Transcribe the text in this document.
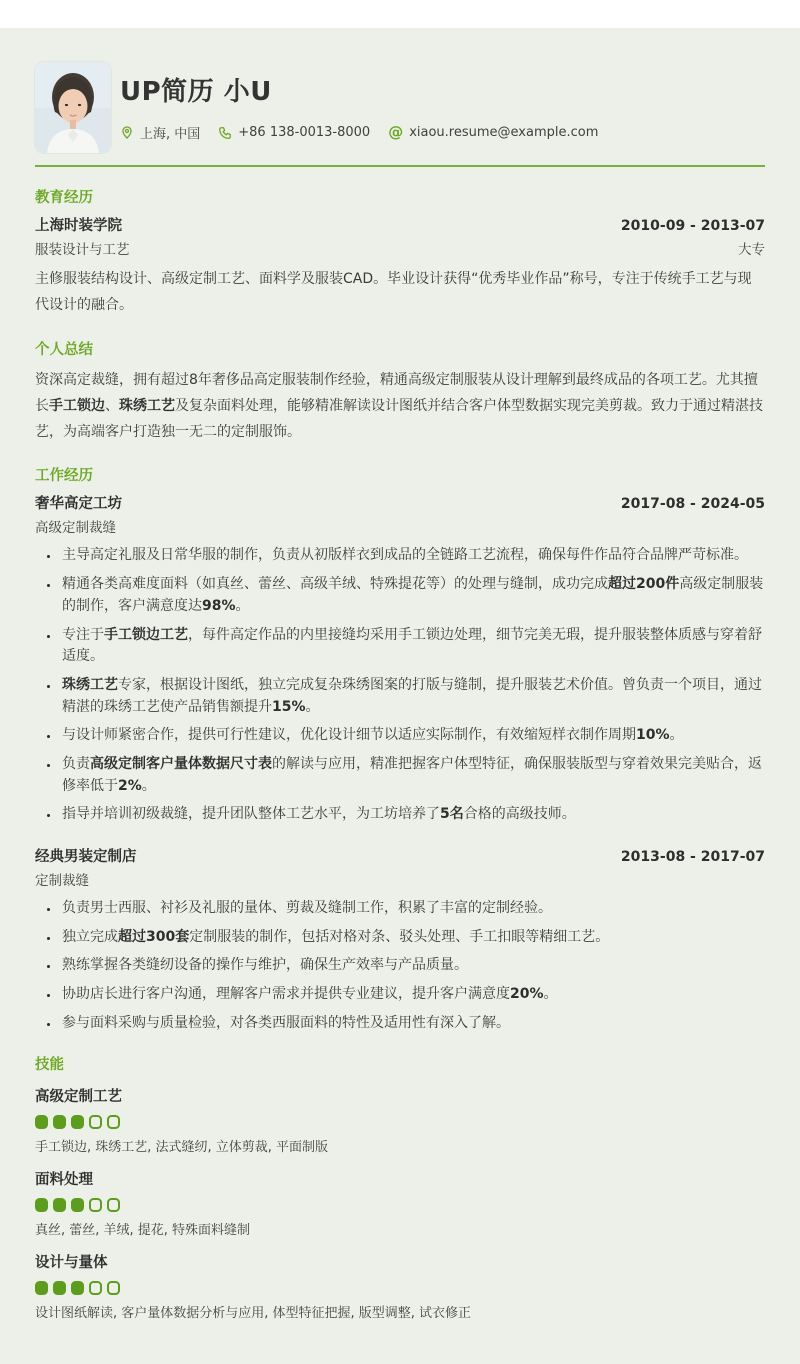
UP简历 小U
上海, 中国	+86 138-0013-8000 @ xiaou.resume@example.com
教育经历
上海时装学院	2010-09 - 2013-07
服装设计与工艺	大专

主修服装结构设计、高级定制工艺、面料学及服装CAD。毕业设计获得“优秀毕业作品”称号，专注于传统手工艺与现代设计的融合。

个人总结

资深高定裁缝，拥有超过8年奢侈品高定服装制作经验，精通高级定制服装从设计理解到最终成品的各项工艺。尤其擅长手工锁边、珠绣工艺及复杂面料处理，能够精准解读设计图纸并结合客户体型数据实现完美剪裁。致力于通过精湛技艺，为高端客户打造独一无二的定制服饰。

工作经历
奢华高定工坊	2017-08 - 2024-05
高级定制裁缝
• 主导高定礼服及日常华服的制作，负责从初版样衣到成品的全链路工艺流程，确保每件作品符合品牌严苛标准。
• 精通各类高难度面料（如真丝、蕾丝、高级羊绒、特殊提花等）的处理与缝制，成功完成超过200件高级定制服装的制作，客户满意度达98%。
• 专注于手工锁边工艺，每件高定作品的内里接缝均采用手工锁边处理，细节完美无瑕，提升服装整体质感与穿着舒适度。
• 珠绣工艺专家，根据设计图纸，独立完成复杂珠绣图案的打版与缝制，提升服装艺术价值。曾负责一个项目，通过精湛的珠绣工艺使产品销售额提升15%。
• 与设计师紧密合作，提供可行性建议，优化设计细节以适应实际制作，有效缩短样衣制作周期10%。
• 负责高级定制客户量体数据尺寸表的解读与应用，精准把握客户体型特征，确保服装版型与穿着效果完美贴合，返修率低于2%。
• 指导并培训初级裁缝，提升团队整体工艺水平，为工坊培养了5名合格的高级技师。
经典男装定制店	2013-08 - 2017-07
定制裁缝
• 负责男士西服、衬衫及礼服的量体、剪裁及缝制工作，积累了丰富的定制经验。
• 独立完成超过300套定制服装的制作，包括对格对条、驳头处理、手工扣眼等精细工艺。
• 熟练掌握各类缝纫设备的操作与维护，确保生产效率与产品质量。
• 协助店长进行客户沟通，理解客户需求并提供专业建议，提升客户满意度20%。
• 参与面料采购与质量检验，对各类西服面料的特性及适用性有深入了解。
技能
高级定制工艺
手工锁边, 珠绣工艺, 法式缝纫, 立体剪裁, 平面制版
面料处理
真丝, 蕾丝, 羊绒, 提花, 特殊面料缝制
设计与量体
设计图纸解读, 客户量体数据分析与应用, 体型特征把握, 版型调整, 试衣修正
